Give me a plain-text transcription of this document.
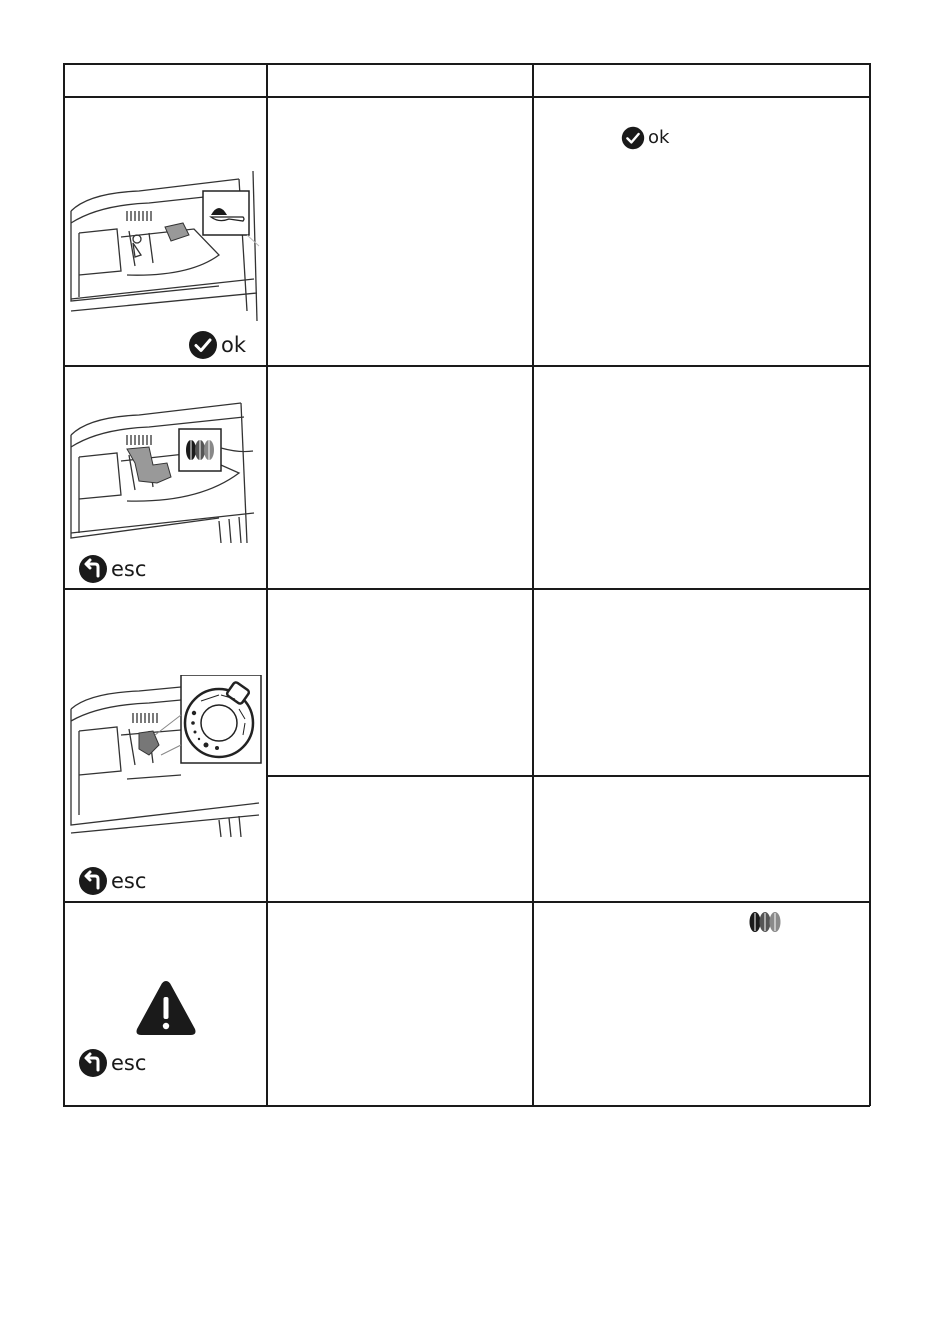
ok
ok
esc
esc
esc
